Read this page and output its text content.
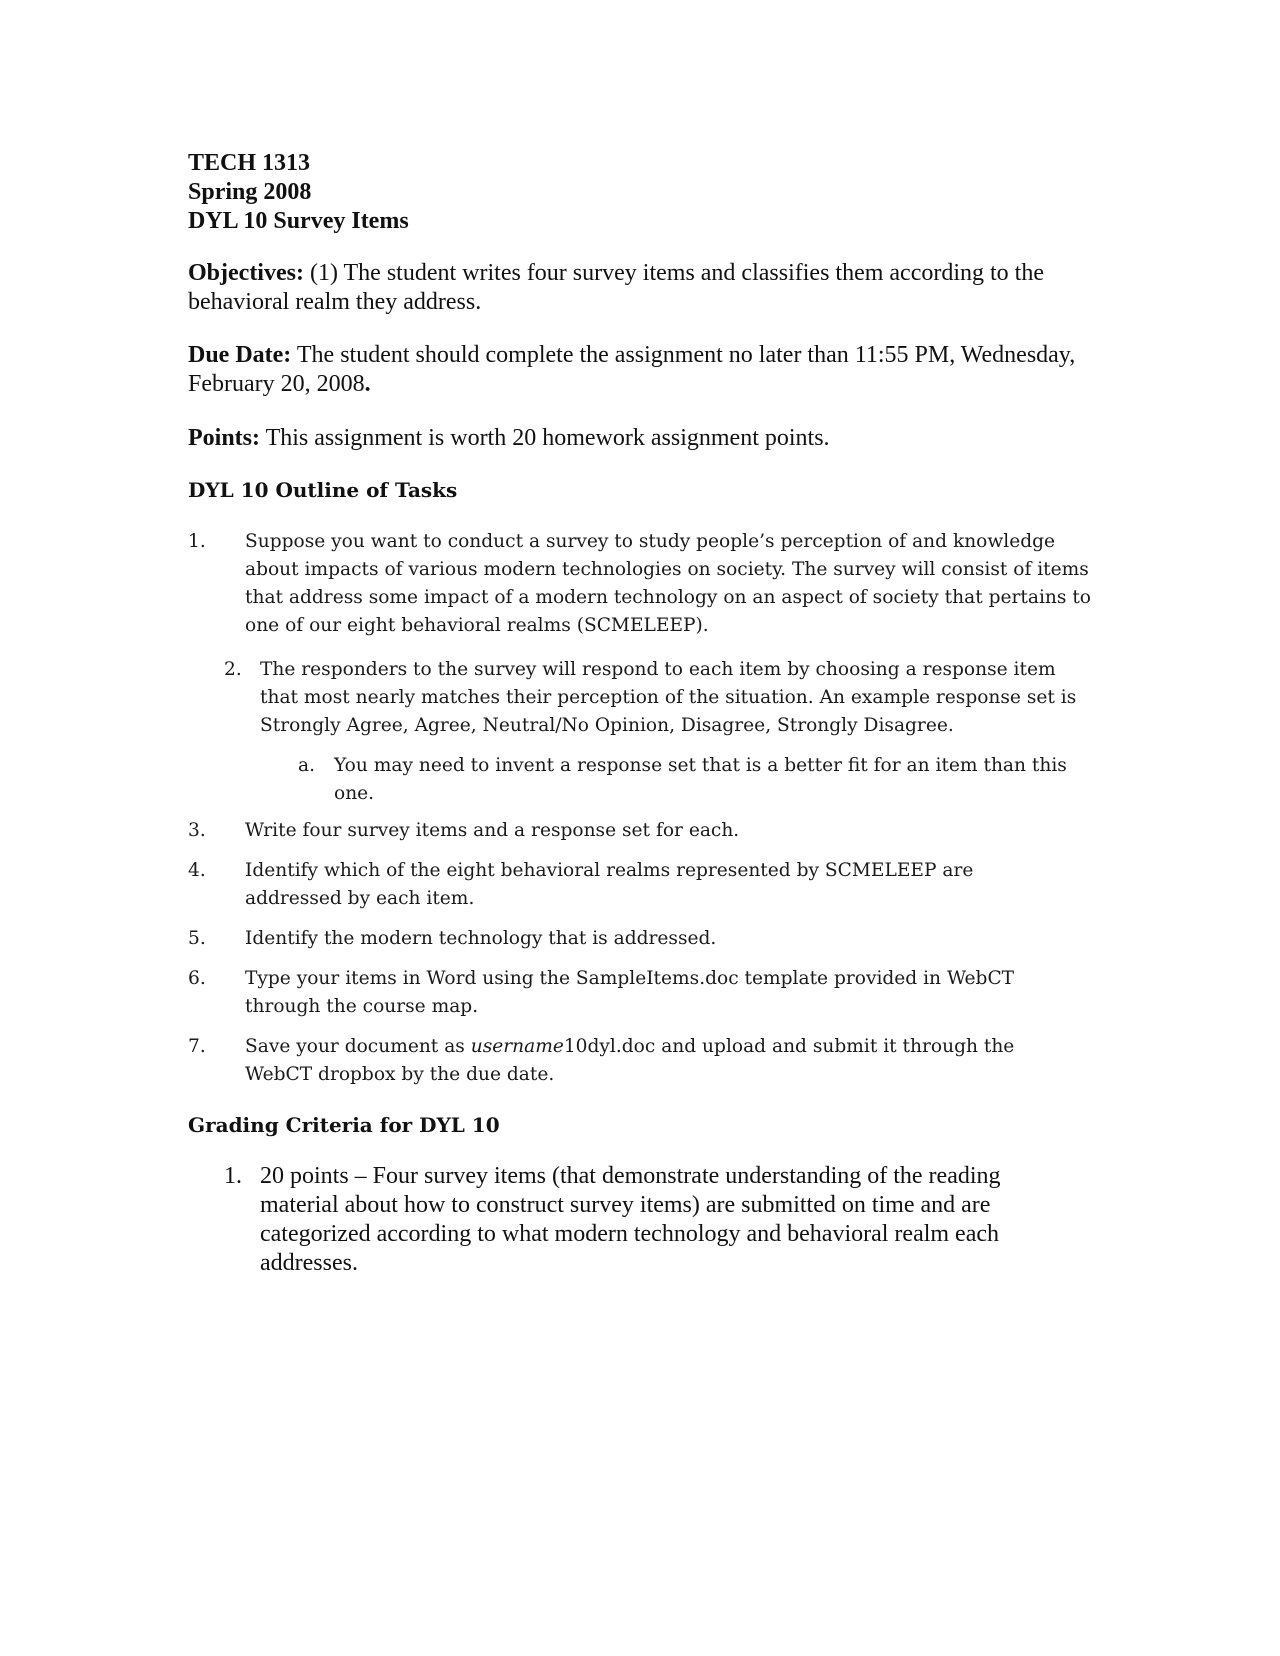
TECH 1313
Spring 2008
DYL 10 Survey Items
Objectives: (1) The student writes four survey items and classifies them according to the behavioral realm they address.
Due Date: The student should complete the assignment no later than 11:55 PM, Wednesday, February 20, 2008.
Points: This assignment is worth 20 homework assignment points.
DYL 10 Outline of Tasks
1. Suppose you want to conduct a survey to study people’s perception of and knowledge about impacts of various modern technologies on society. The survey will consist of items that address some impact of a modern technology on an aspect of society that pertains to one of our eight behavioral realms (SCMELEEP).
2. The responders to the survey will respond to each item by choosing a response item that most nearly matches their perception of the situation. An example response set is Strongly Agree, Agree, Neutral/No Opinion, Disagree, Strongly Disagree.
a. You may need to invent a response set that is a better fit for an item than this one.
3. Write four survey items and a response set for each.
4. Identify which of the eight behavioral realms represented by SCMELEEP are addressed by each item.
5. Identify the modern technology that is addressed.
6. Type your items in Word using the SampleItems.doc template provided in WebCT through the course map.
7. Save your document as username10dyl.doc and upload and submit it through the WebCT dropbox by the due date.
Grading Criteria for DYL 10
1. 20 points – Four survey items (that demonstrate understanding of the reading material about how to construct survey items) are submitted on time and are categorized according to what modern technology and behavioral realm each addresses.
